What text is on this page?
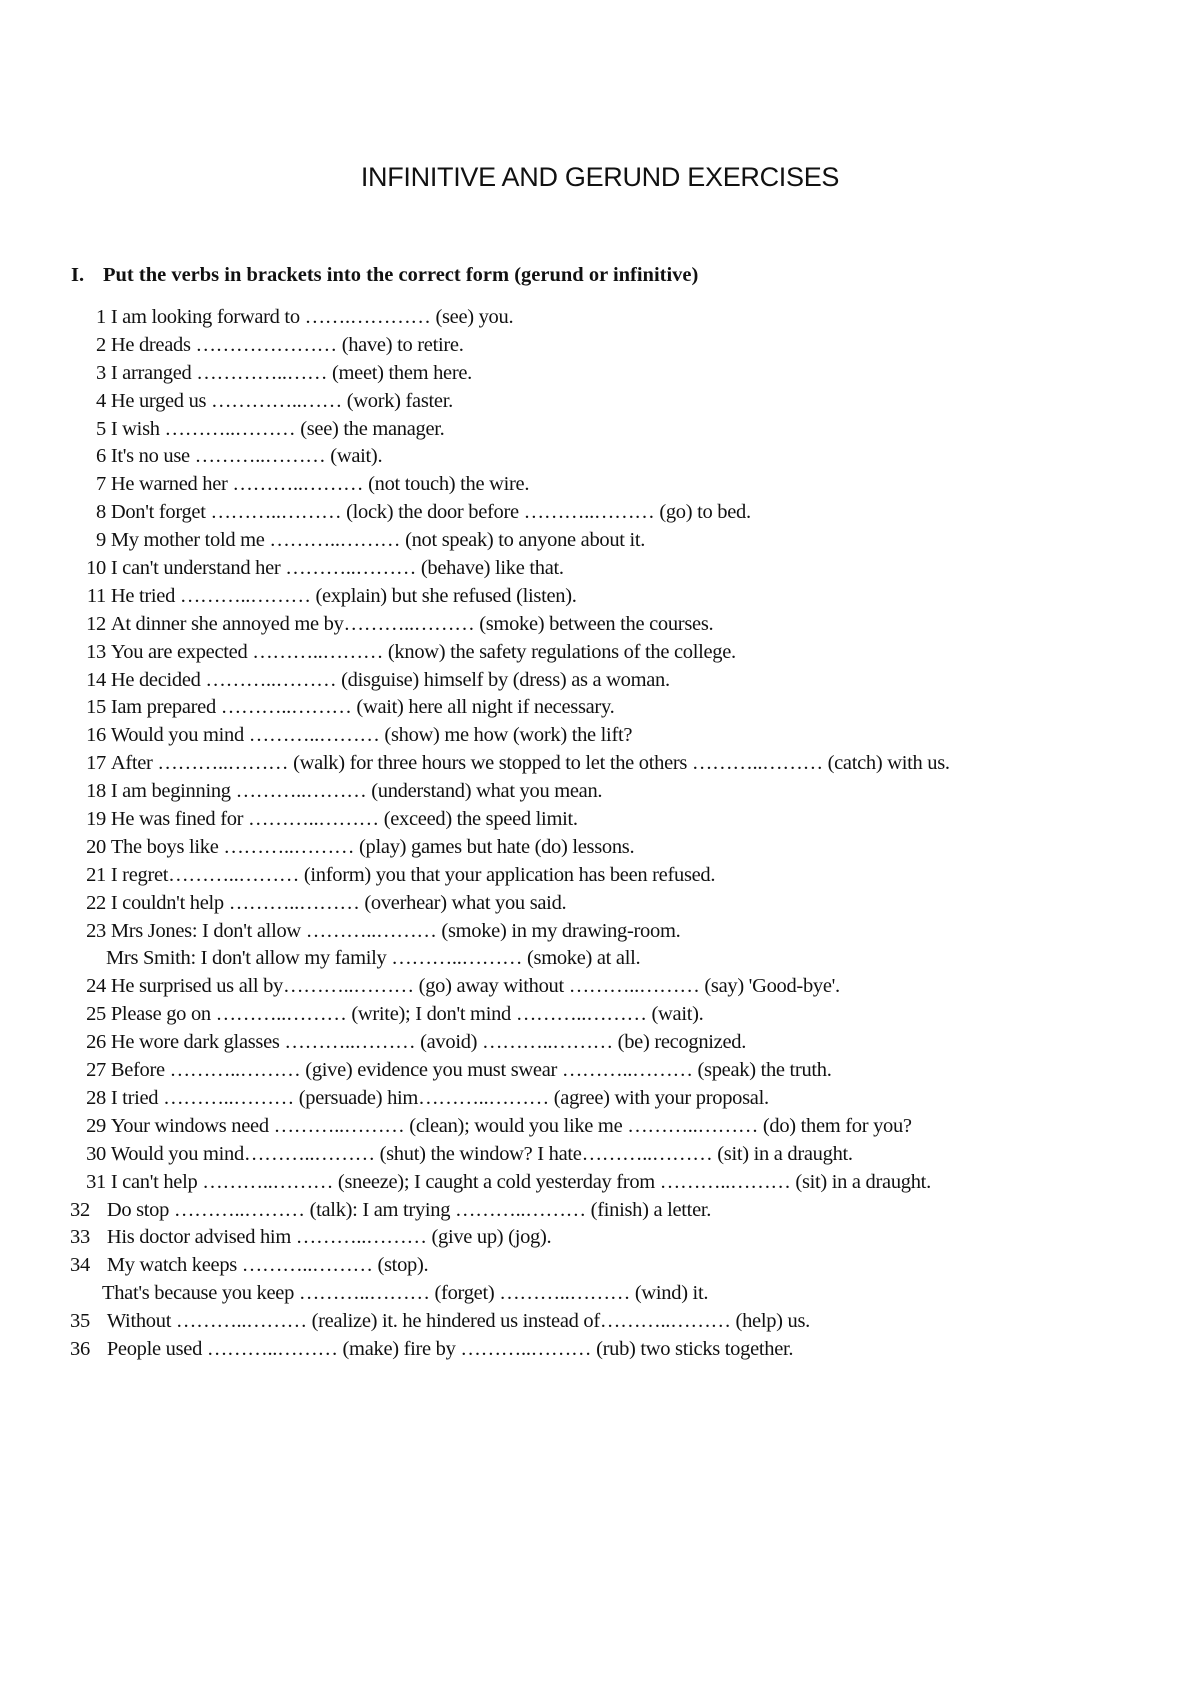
INFINITIVE AND GERUND EXERCISES
I. Put the verbs in brackets into the correct form (gerund or infinitive)
1 I am looking forward to …….………… (see) you.
2 He dreads ………………… (have) to retire.
3 I arranged …………..…… (meet) them here.
4 He urged us …………..…… (work) faster.
5 I wish ………..……… (see) the manager.
6 It's no use ………..……… (wait).
7 He warned her ………..……… (not touch) the wire.
8 Don't forget ………..……… (lock) the door before ………..……… (go) to bed.
9 My mother told me ………..……… (not speak) to anyone about it.
10 I can't understand her ………..……… (behave) like that.
11 He tried ………..……… (explain) but she refused (listen).
12 At dinner she annoyed me by………..……… (smoke) between the courses.
13 You are expected ………..……… (know) the safety regulations of the college.
14 He decided ………..……… (disguise) himself by (dress) as a woman.
15 Iam prepared ………..……… (wait) here all night if necessary.
16 Would you mind ………..……… (show) me how (work) the lift?
17 After ………..……… (walk) for three hours we stopped to let the others ………..……… (catch) with us.
18 I am beginning ………..……… (understand) what you mean.
19 He was fined for ………..……… (exceed) the speed limit.
20 The boys like ………..……… (play) games but hate (do) lessons.
21 I regret………..……… (inform) you that your application has been refused.
22 I couldn't help ………..……… (overhear) what you said.
23 Mrs Jones: I don't allow ………..……… (smoke) in my drawing-room.
Mrs Smith: I don't allow my family ………..……… (smoke) at all.
24 He surprised us all by………..……… (go) away without ………..……… (say) 'Good-bye'.
25 Please go on ………..……… (write); I don't mind ………..……… (wait).
26 He wore dark glasses ………..……… (avoid) ………..……… (be) recognized.
27 Before ………..……… (give) evidence you must swear ………..……… (speak) the truth.
28 I tried ………..……… (persuade) him………..……… (agree) with your proposal.
29 Your windows need ………..……… (clean); would you like me ………..……… (do) them for you?
30 Would you mind………..……… (shut) the window? I hate………..……… (sit) in a draught.
31 I can't help ………..……… (sneeze); I caught a cold yesterday from ………..……… (sit) in a draught.
32 Do stop ………..……… (talk): I am trying ………..……… (finish) a letter.
33 His doctor advised him ………..……… (give up) (jog).
34 My watch keeps ………..……… (stop).
That's because you keep ………..……… (forget) ………..……… (wind) it.
35 Without ………..……… (realize) it. he hindered us instead of………..……… (help) us.
36 People used ………..……… (make) fire by ………..……… (rub) two sticks together.
